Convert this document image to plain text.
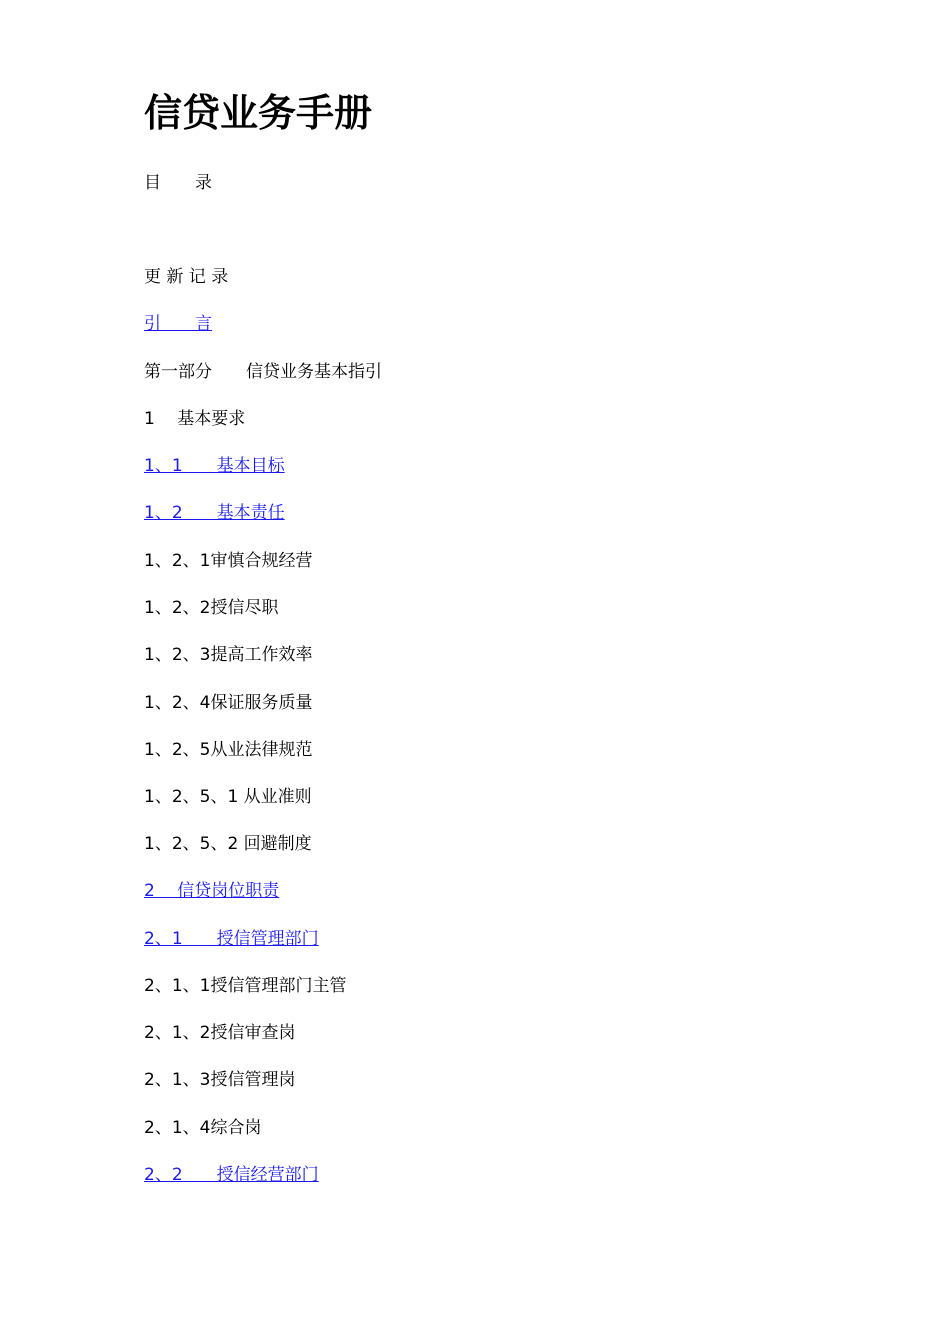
信贷业务手册
目　　录
更 新 记 录
引　　言
第一部分　　信贷业务基本指引
1　 基本要求
1、1　　基本目标
1、2　　基本责任
1、2、1审慎合规经营
1、2、2授信尽职
1、2、3提高工作效率
1、2、4保证服务质量
1、2、5从业法律规范
1、2、5、1 从业准则
1、2、5、2 回避制度
2　 信贷岗位职责
2、1　　授信管理部门
2、1、1授信管理部门主管
2、1、2授信审查岗
2、1、3授信管理岗
2、1、4综合岗
2、2　　授信经营部门
